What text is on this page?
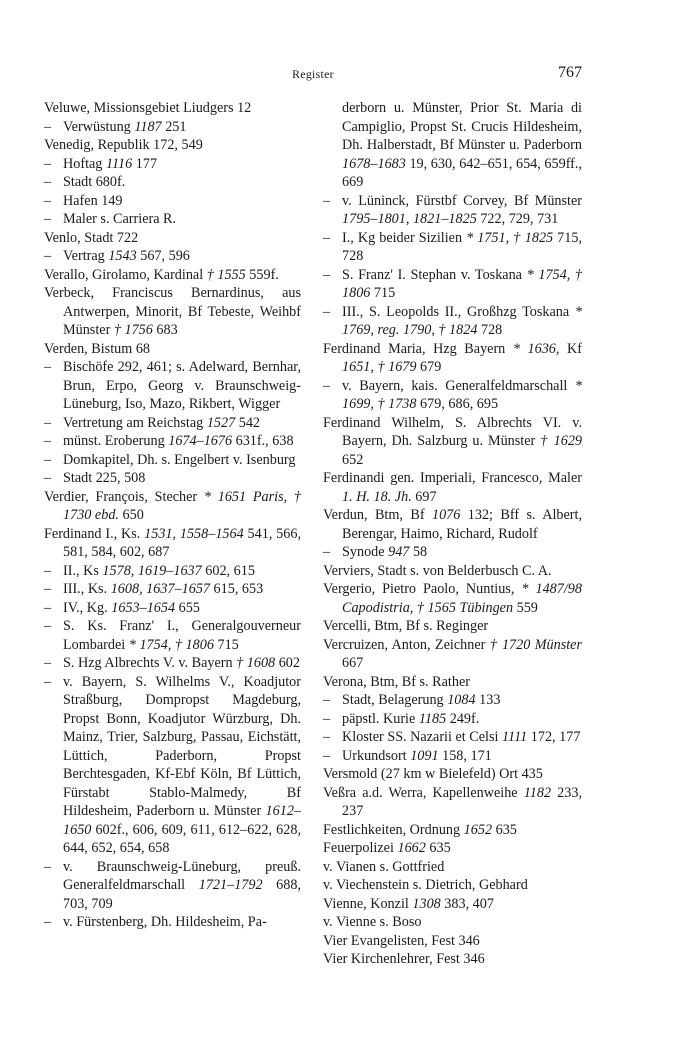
Register	767

Veluwe, Missionsgebiet Liudgers 12

– Verwüstung 1187 251

Venedig, Republik 172, 549

– Hoftag 1116 177

– Stadt 680f.

– Hafen 149

– Maler s. Carriera R.

Venlo, Stadt 722

– Vertrag 1543 567, 596

Verallo, Girolamo, Kardinal † 1555 559f.

Verbeck, Franciscus Bernardinus, aus Antwerpen, Minorit, Bf Tebeste, Weihbf Münster † 1756 683

Verden, Bistum 68

– Bischöfe 292, 461; s. Adelward, Bernhar, Brun, Erpo, Georg v. Braunschweig-Lüneburg, Iso, Mazo, Rikbert, Wigger

– Vertretung am Reichstag 1527 542

– münst. Eroberung 1674–1676 631f., 638

– Domkapitel, Dh. s. Engelbert v. Isenburg

– Stadt 225, 508

Verdier, François, Stecher * 1651 Paris, † 1730 ebd. 650

Ferdinand I., Ks. 1531, 1558–1564 541, 566, 581, 584, 602, 687

– II., Ks 1578, 1619–1637 602, 615

– III., Ks. 1608, 1637–1657 615, 653

– IV., Kg. 1653–1654 655

– S. Ks. Franz' I., Generalgouverneur Lombardei * 1754, † 1806 715

– S. Hzg Albrechts V. v. Bayern † 1608 602

– v. Bayern, S. Wilhelms V., Koadjutor Straßburg, Dompropst Magdeburg, Propst Bonn, Koadjutor Würzburg, Dh. Mainz, Trier, Salzburg, Passau, Eichstätt, Lüttich, Paderborn, Propst Berchtesgaden, Kf-Ebf Köln, Bf Lüttich, Fürstabt Stablo-Malmedy, Bf Hildesheim, Paderborn u. Münster 1612–1650 602f., 606, 609, 611, 612–622, 628, 644, 652, 654, 658

– v. Braunschweig-Lüneburg, preuß. Generalfeldmarschall 1721–1792 688, 703, 709

– v. Fürstenberg, Dh. Hildesheim, Pa-

derborn u. Münster, Prior St. Maria di Campiglio, Propst St. Crucis Hildesheim, Dh. Halberstadt, Bf Münster u. Paderborn 1678–1683 19, 630, 642–651, 654, 659ff., 669

– v. Lüninck, Fürstbf Corvey, Bf Münster 1795–1801, 1821–1825 722, 729, 731

– I., Kg beider Sizilien * 1751, † 1825 715, 728

– S. Franz' I. Stephan v. Toskana * 1754, † 1806 715

– III., S. Leopolds II., Großhzg Toskana * 1769, reg. 1790, † 1824 728

Ferdinand Maria, Hzg Bayern * 1636, Kf 1651, † 1679 679

– v. Bayern, kais. Generalfeldmarschall * 1699, † 1738 679, 686, 695

Ferdinand Wilhelm, S. Albrechts VI. v. Bayern, Dh. Salzburg u. Münster † 1629 652

Ferdinandi gen. Imperiali, Francesco, Maler 1. H. 18. Jh. 697

Verdun, Btm, Bf 1076 132; Bff s. Albert, Berengar, Haimo, Richard, Rudolf

– Synode 947 58

Verviers, Stadt s. von Belderbusch C. A.

Vergerio, Pietro Paolo, Nuntius, * 1487/98 Capodistria, † 1565 Tübingen 559

Vercelli, Btm, Bf s. Reginger

Vercruizen, Anton, Zeichner † 1720 Münster 667

Verona, Btm, Bf s. Rather

– Stadt, Belagerung 1084 133

– päpstl. Kurie 1185 249f.

– Kloster SS. Nazarii et Celsi 1111 172, 177

– Urkundsort 1091 158, 171

Versmold (27 km w Bielefeld) Ort 435

Veßra a.d. Werra, Kapellenweihe 1182 233, 237

Festlichkeiten, Ordnung 1652 635

Feuerpolizei 1662 635

v. Vianen s. Gottfried

v. Viechenstein s. Dietrich, Gebhard

Vienne, Konzil 1308 383, 407

v. Vienne s. Boso

Vier Evangelisten, Fest 346

Vier Kirchenlehrer, Fest 346
